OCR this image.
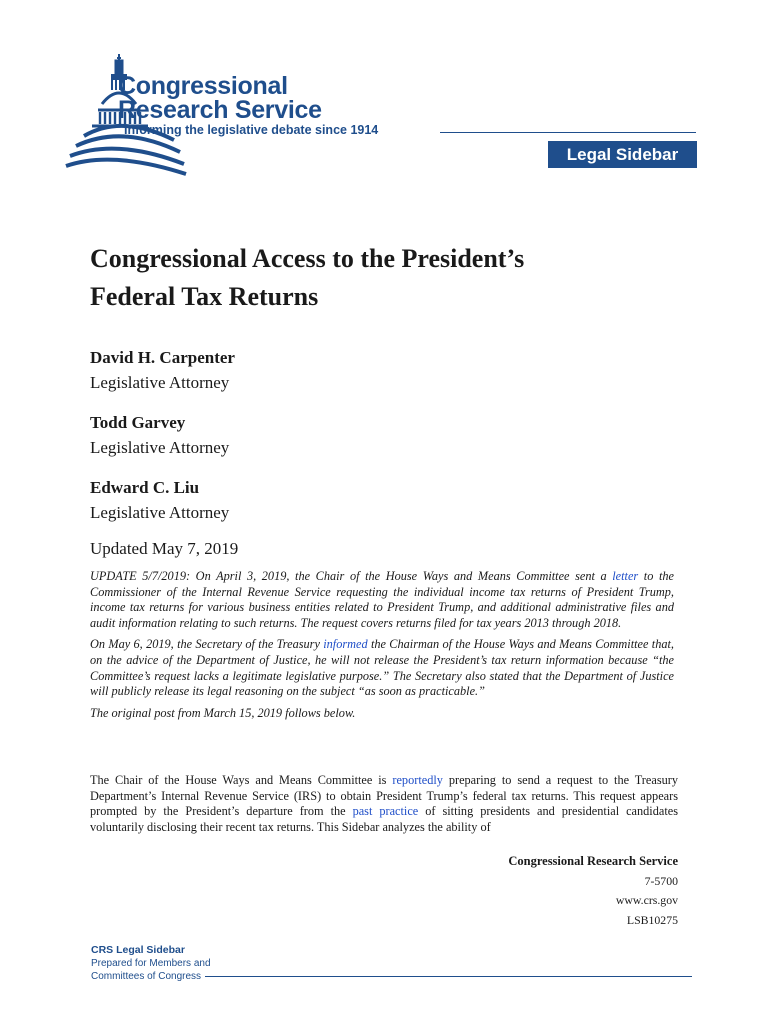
Congressional
Research Service
Informing the legislative debate since 1914
Legal Sidebar
Congressional Access to the President’s
Federal Tax Returns
David H. Carpenter
Legislative Attorney
Todd Garvey
Legislative Attorney
Edward C. Liu
Legislative Attorney
Updated May 7, 2019

UPDATE 5/7/2019: On April 3, 2019, the Chair of the House Ways and Means Committee sent a letter to the Commissioner of the Internal Revenue Service requesting the individual income tax returns of President Trump, income tax returns for various business entities related to President Trump, and additional administrative files and audit information relating to such returns. The request covers returns filed for tax years 2013 through 2018.

On May 6, 2019, the Secretary of the Treasury informed the Chairman of the House Ways and Means Committee that, on the advice of the Department of Justice, he will not release the President’s tax return information because “the Committee’s request lacks a legitimate legislative purpose.” The Secretary also stated that the Department of Justice will publicly release its legal reasoning on the subject “as soon as practicable.”

The original post from March 15, 2019 follows below.

The Chair of the House Ways and Means Committee is reportedly preparing to send a request to the Treasury Department’s Internal Revenue Service (IRS) to obtain President Trump’s federal tax returns. This request appears prompted by the President’s departure from the past practice of sitting presidents and presidential candidates voluntarily disclosing their recent tax returns. This Sidebar analyzes the ability of

Congressional Research Service
7-5700
www.crs.gov
LSB10275
CRS Legal Sidebar
Prepared for Members and
Committees of Congress
